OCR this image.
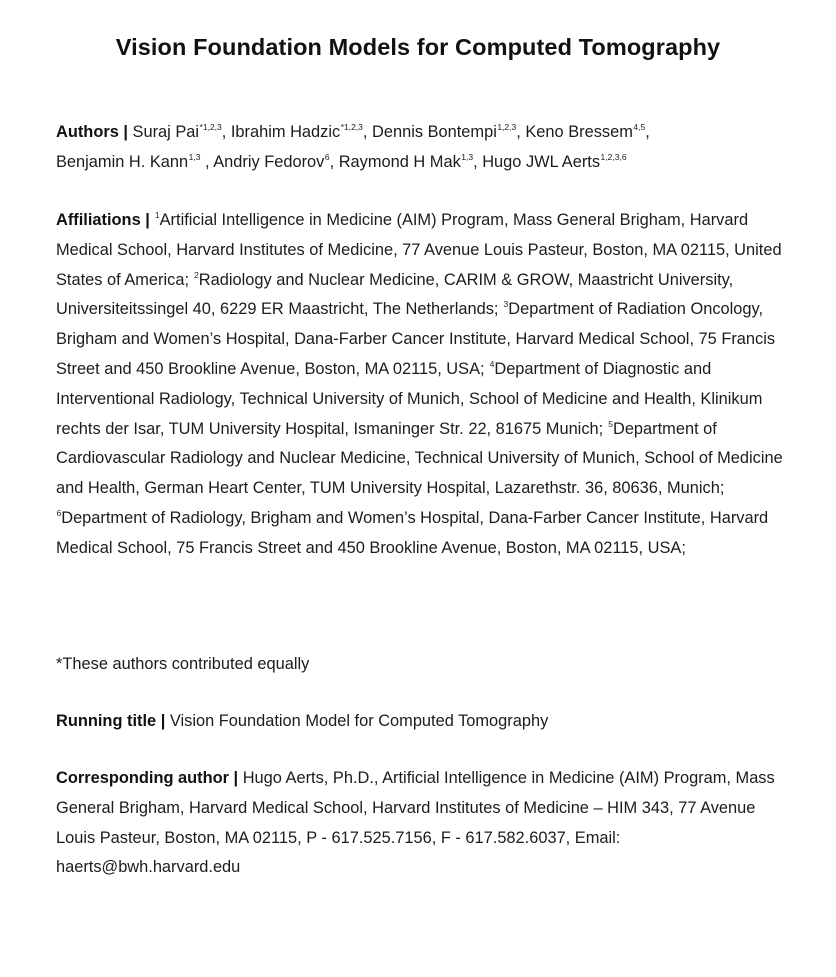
Vision Foundation Models for Computed Tomography
Authors | Suraj Pai$^{*1,2,3}$, Ibrahim Hadzic$^{*1,2,3}$, Dennis Bontempi$^{1,2,3}$, Keno Bressem$^{4,5}$,
Benjamin H. Kann$^{1,3}$ , Andriy Fedorov$^6$, Raymond H Mak$^{1,3}$, Hugo JWL Aerts$^{1,2,3,6}$
Affiliations | $^1$Artificial Intelligence in Medicine (AIM) Program, Mass General Brigham, Harvard Medical School, Harvard Institutes of Medicine, 77 Avenue Louis Pasteur, Boston, MA 02115, United States of America; $^2$Radiology and Nuclear Medicine, CARIM & GROW, Maastricht University, Universiteitssingel 40, 6229 ER Maastricht, The Netherlands; $^3$Department of Radiation Oncology, Brigham and Women’s Hospital, Dana-Farber Cancer Institute, Harvard Medical School, 75 Francis Street and 450 Brookline Avenue, Boston, MA 02115, USA; $^4$Department of Diagnostic and Interventional Radiology, Technical University of Munich, School of Medicine and Health, Klinikum rechts der Isar, TUM University Hospital, Ismaninger Str. 22, 81675 Munich; $^5$Department of Cardiovascular Radiology and Nuclear Medicine, Technical University of Munich, School of Medicine and Health, German Heart Center, TUM University Hospital, Lazarethstr. 36, 80636, Munich; $^6$Department of Radiology, Brigham and Women’s Hospital, Dana-Farber Cancer Institute, Harvard Medical School, 75 Francis Street and 450 Brookline Avenue, Boston, MA 02115, USA;
*These authors contributed equally
Running title | Vision Foundation Model for Computed Tomography
Corresponding author | Hugo Aerts, Ph.D., Artificial Intelligence in Medicine (AIM) Program, Mass General Brigham, Harvard Medical School, Harvard Institutes of Medicine – HIM 343, 77 Avenue Louis Pasteur, Boston, MA 02115, P - 617.525.7156, F - 617.582.6037, Email: haerts@bwh.harvard.edu
